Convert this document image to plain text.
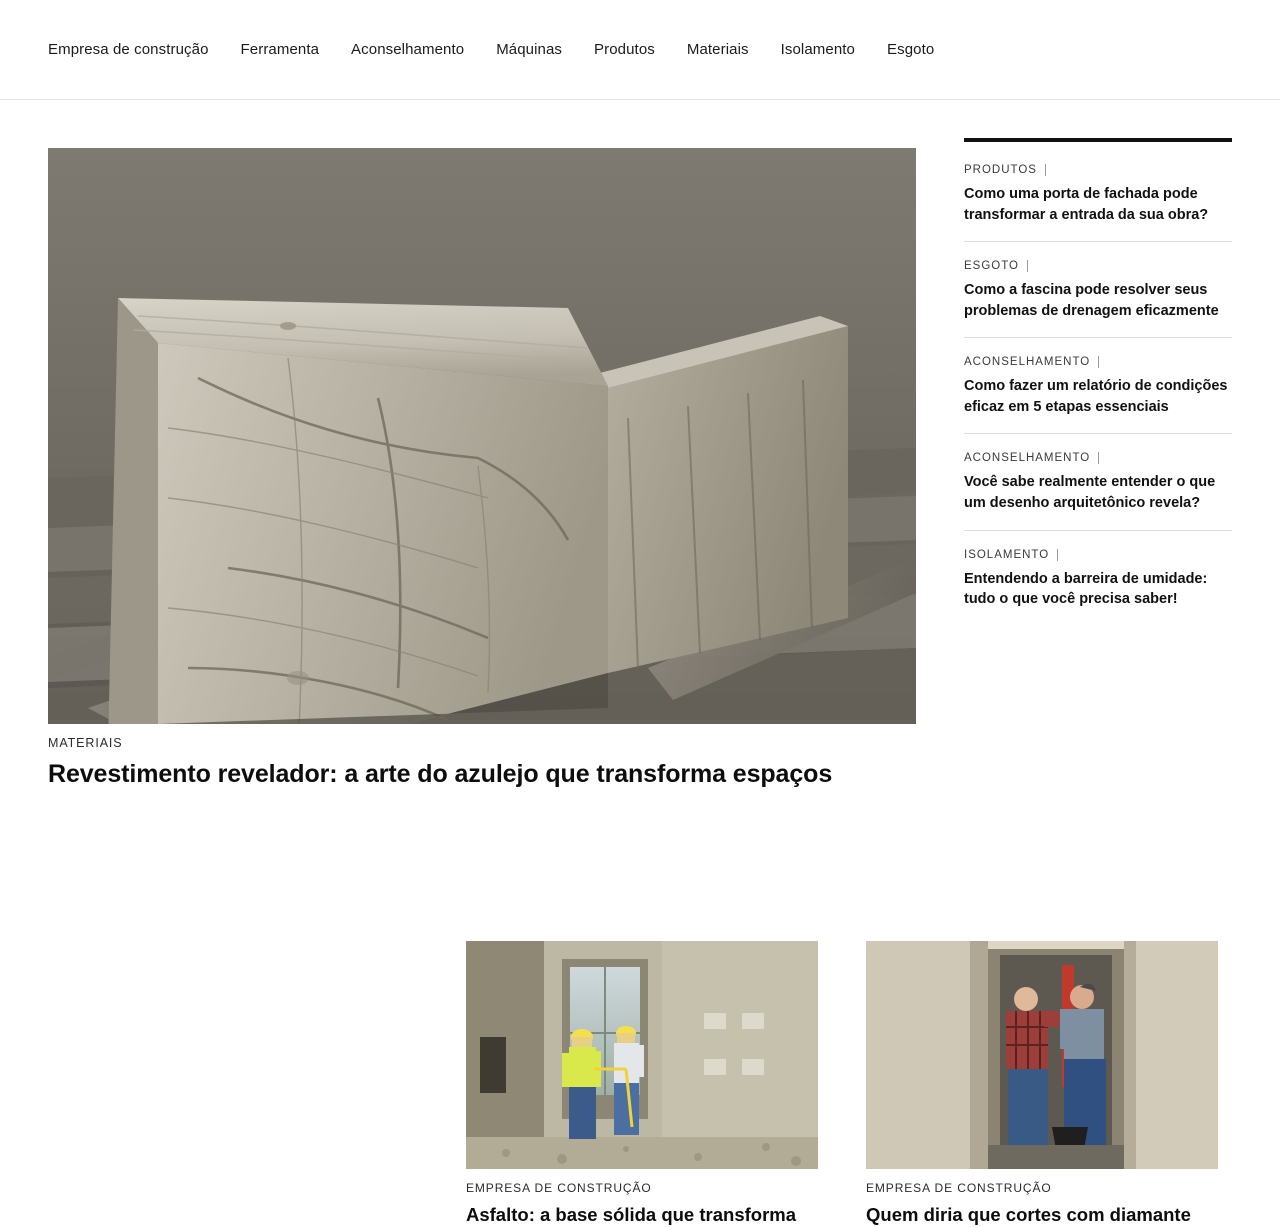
Empresa de construção	Ferramenta	Aconselhamento	Máquinas	Produtos	Materiais	Isolamento	Esgoto
MATERIAIS
Revestimento revelador: a arte do azulejo que transforma espaços
PRODUTOS
Como uma porta de fachada pode transformar a entrada da sua obra?
ESGOTO
Como a fascina pode resolver seus problemas de drenagem eficazmente
ACONSELHAMENTO
Como fazer um relatório de condições eficaz em 5 etapas essenciais
ACONSELHAMENTO
Você sabe realmente entender o que um desenho arquitetônico revela?
ISOLAMENTO
Entendendo a barreira de umidade: tudo o que você precisa saber!
EMPRESA DE CONSTRUÇÃO
Asfalto: a base sólida que transforma
EMPRESA DE CONSTRUÇÃO
Quem diria que cortes com diamante
